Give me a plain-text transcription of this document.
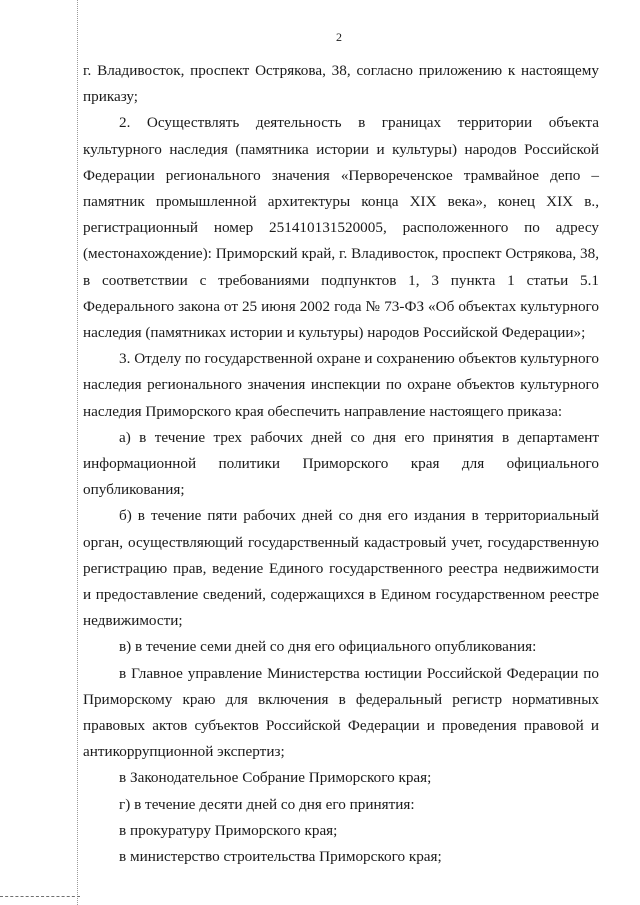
2

г. Владивосток, проспект Острякова, 38, согласно приложению к настоящему приказу;

2. Осуществлять деятельность в границах территории объекта культурного наследия (памятника истории и культуры) народов Российской Федерации регионального значения «Первореченское трамвайное депо – памятник промышленной архитектуры конца XIX века», конец XIX в., регистрационный номер 251410131520005, расположенного по адресу (местонахождение): Приморский край, г. Владивосток, проспект Острякова, 38, в соответствии с требованиями подпунктов 1, 3 пункта 1 статьи 5.1 Федерального закона от 25 июня 2002 года № 73-ФЗ «Об объектах культурного наследия (памятниках истории и культуры) народов Российской Федерации»;

3. Отделу по государственной охране и сохранению объектов культурного наследия регионального значения инспекции по охране объектов культурного наследия Приморского края обеспечить направление настоящего приказа:

а) в течение трех рабочих дней со дня его принятия в департамент информационной политики Приморского края для официального опубликования;

б) в течение пяти рабочих дней со дня его издания в территориальный орган, осуществляющий государственный кадастровый учет, государственную регистрацию прав, ведение Единого государственного реестра недвижимости и предоставление сведений, содержащихся в Едином государственном реестре недвижимости;

в) в течение семи дней со дня его официального опубликования:

в Главное управление Министерства юстиции Российской Федерации по Приморскому краю для включения в федеральный регистр нормативных правовых актов субъектов Российской Федерации и проведения правовой и антикоррупционной экспертиз;

в Законодательное Собрание Приморского края;

г) в течение десяти дней со дня его принятия:

в прокуратуру Приморского края;

в министерство строительства Приморского края;
